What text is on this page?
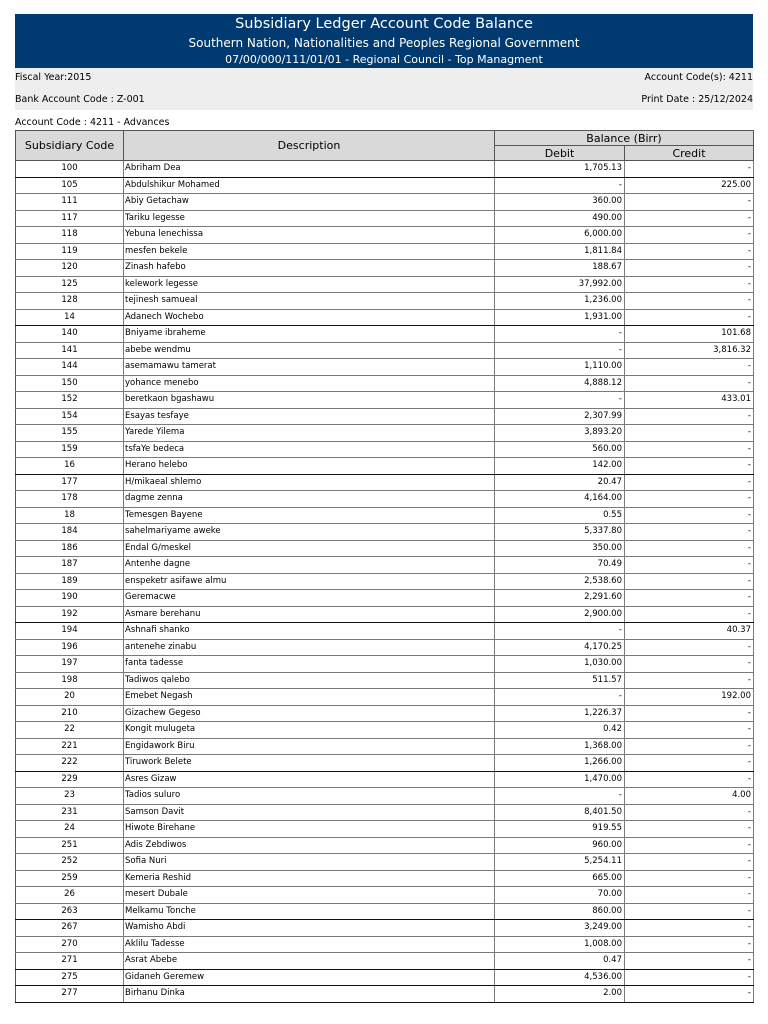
Subsidiary Ledger Account Code Balance
Southern Nation, Nationalities and Peoples Regional Government
07/00/000/111/01/01 - Regional Council - Top Managment
Fiscal Year:2015	Account Code(s): 4211
Bank Account Code : Z-001	Print Date : 25/12/2024
Account Code : 4211 - Advances
Subsidiary Code	Description	Balance (Birr)	
		Debit	Credit
100	Abriham Dea	1,705.13	-
105	Abdulshikur Mohamed	-	225.00
111	Abiy Getachaw	360.00	-
117	Tariku legesse	490.00	-
118	Yebuna lenechissa	6,000.00	-
119	mesfen bekele	1,811.84	-
120	Zinash hafebo	188.67	-
125	kelework legesse	37,992.00	-
128	tejinesh samueal	1,236.00	-
14	Adanech Wochebo	1,931.00	-
140	Bniyame ibraheme	-	101.68
141	abebe wendmu	-	3,816.32
144	asemamawu tamerat	1,110.00	-
150	yohance menebo	4,888.12	-
152	beretkaon bgashawu	-	433.01
154	Esayas tesfaye	2,307.99	-
155	Yarede Yilema	3,893.20	-
159	tsfaYe bedeca	560.00	-
16	Herano helebo	142.00	-
177	H/mikaeal shlemo	20.47	-
178	dagme zenna	4,164.00	-
18	Temesgen Bayene	0.55	-
184	sahelmariyame aweke	5,337.80	-
186	Endal G/meskel	350.00	-
187	Antenhe dagne	70.49	-
189	enspeketr asifawe almu	2,538.60	-
190	Geremacwe	2,291.60	-
192	Asmare berehanu	2,900.00	-
194	Ashnafi shanko	-	40.37
196	antenehe zinabu	4,170.25	-
197	fanta tadesse	1,030.00	-
198	Tadiwos qalebo	511.57	-
20	Emebet Negash	-	192.00
210	Gizachew Gegeso	1,226.37	-
22	Kongit mulugeta	0.42	-
221	Engidawork Biru	1,368.00	-
222	Tiruwork Belete	1,266.00	-
229	Asres Gizaw	1,470.00	-
23	Tadios suluro	-	4.00
231	Samson Davit	8,401.50	-
24	Hiwote Birehane	919.55	-
251	Adis Zebdiwos	960.00	-
252	Sofia Nuri	5,254.11	-
259	Kemeria Reshid	665.00	-
26	mesert Dubale	70.00	-
263	Melkamu Tonche	860.00	-
267	Wamisho Abdi	3,249.00	-
270	Aklilu Tadesse	1,008.00	-
271	Asrat Abebe	0.47	-
275	Gidaneh Geremew	4,536.00	-
277	Birhanu Dinka	2.00	-
